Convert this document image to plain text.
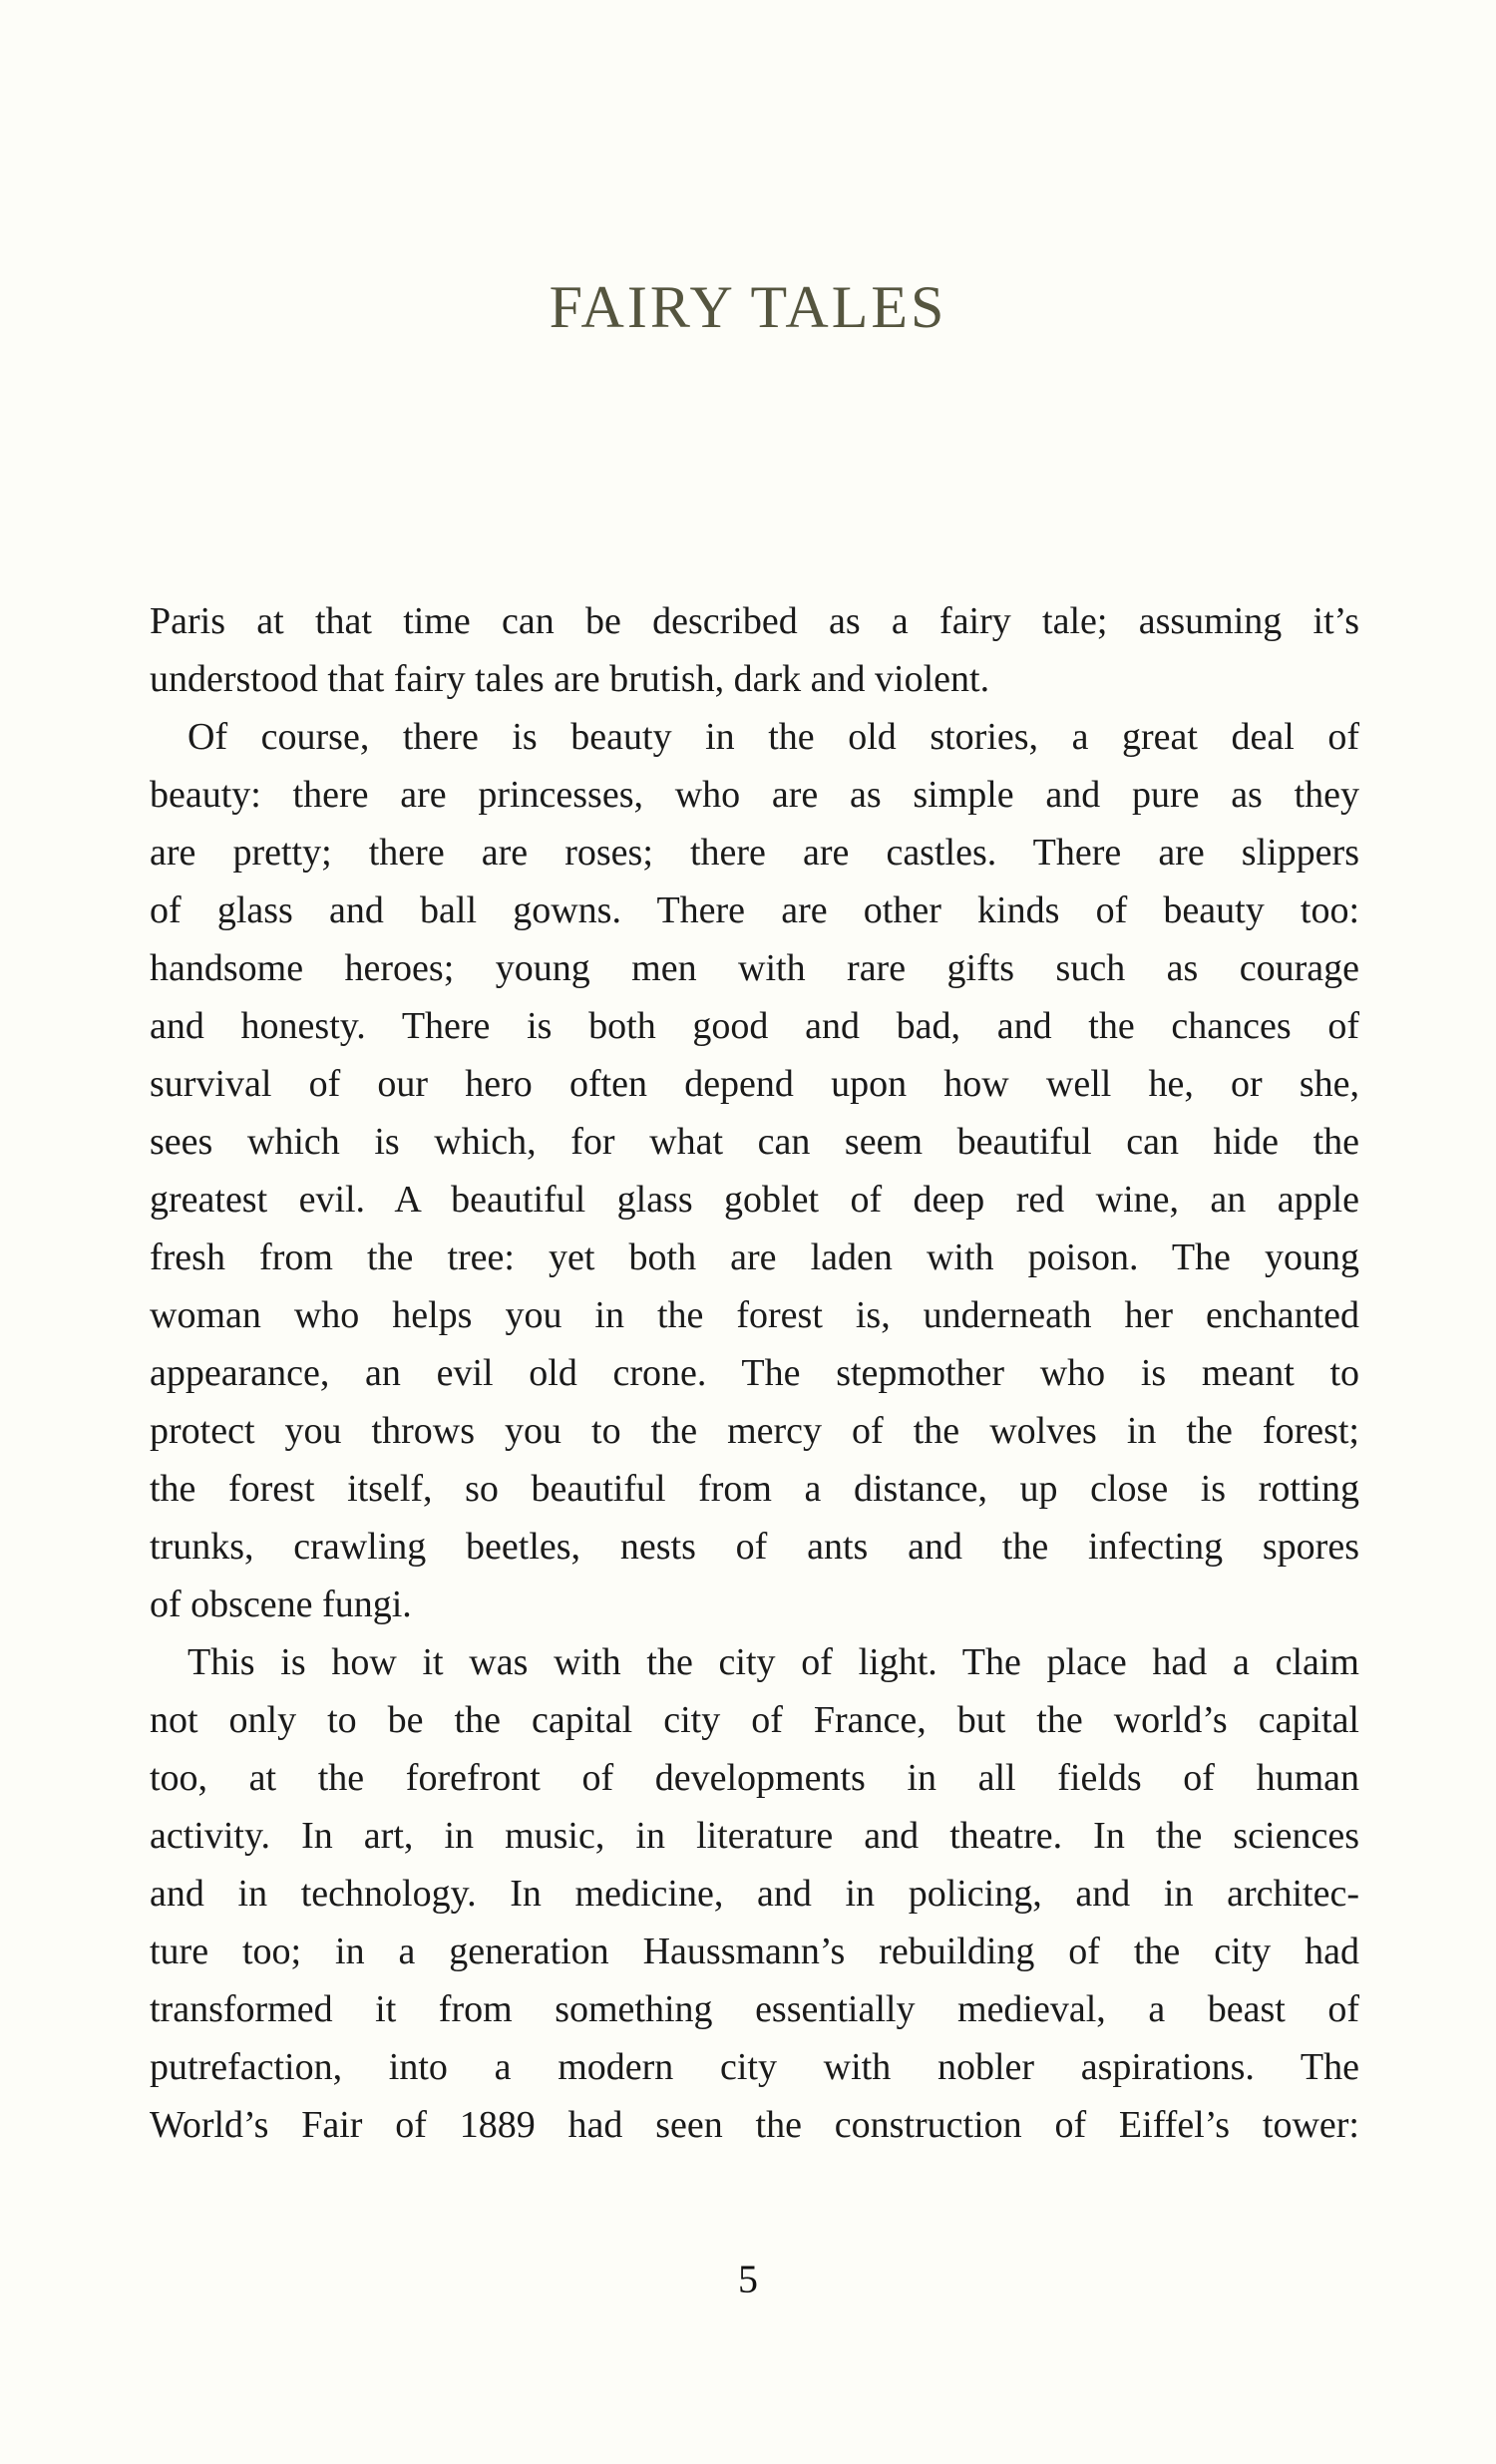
FAIRY TALES
Paris at that time can be described as a fairy tale; assuming it’s
understood that fairy tales are brutish, dark and violent.
Of course, there is beauty in the old stories, a great deal of
beauty: there are princesses, who are as simple and pure as they
are pretty; there are roses; there are castles. There are slippers
of glass and ball gowns. There are other kinds of beauty too:
handsome heroes; young men with rare gifts such as courage
and honesty. There is both good and bad, and the chances of
survival of our hero often depend upon how well he, or she,
sees which is which, for what can seem beautiful can hide the
greatest evil. A beautiful glass goblet of deep red wine, an apple
fresh from the tree: yet both are laden with poison. The young
woman who helps you in the forest is, underneath her enchanted
appearance, an evil old crone. The stepmother who is meant to
protect you throws you to the mercy of the wolves in the forest;
the forest itself, so beautiful from a distance, up close is rotting
trunks, crawling beetles, nests of ants and the infecting spores
of obscene fungi.
This is how it was with the city of light. The place had a claim
not only to be the capital city of France, but the world’s capital
too, at the forefront of developments in all fields of human
activity. In art, in music, in literature and theatre. In the sciences
and in technology. In medicine, and in policing, and in architec-
ture too; in a generation Haussmann’s rebuilding of the city had
transformed it from something essentially medieval, a beast of
putrefaction, into a modern city with nobler aspirations. The
World’s Fair of 1889 had seen the construction of Eiffel’s tower:
5
